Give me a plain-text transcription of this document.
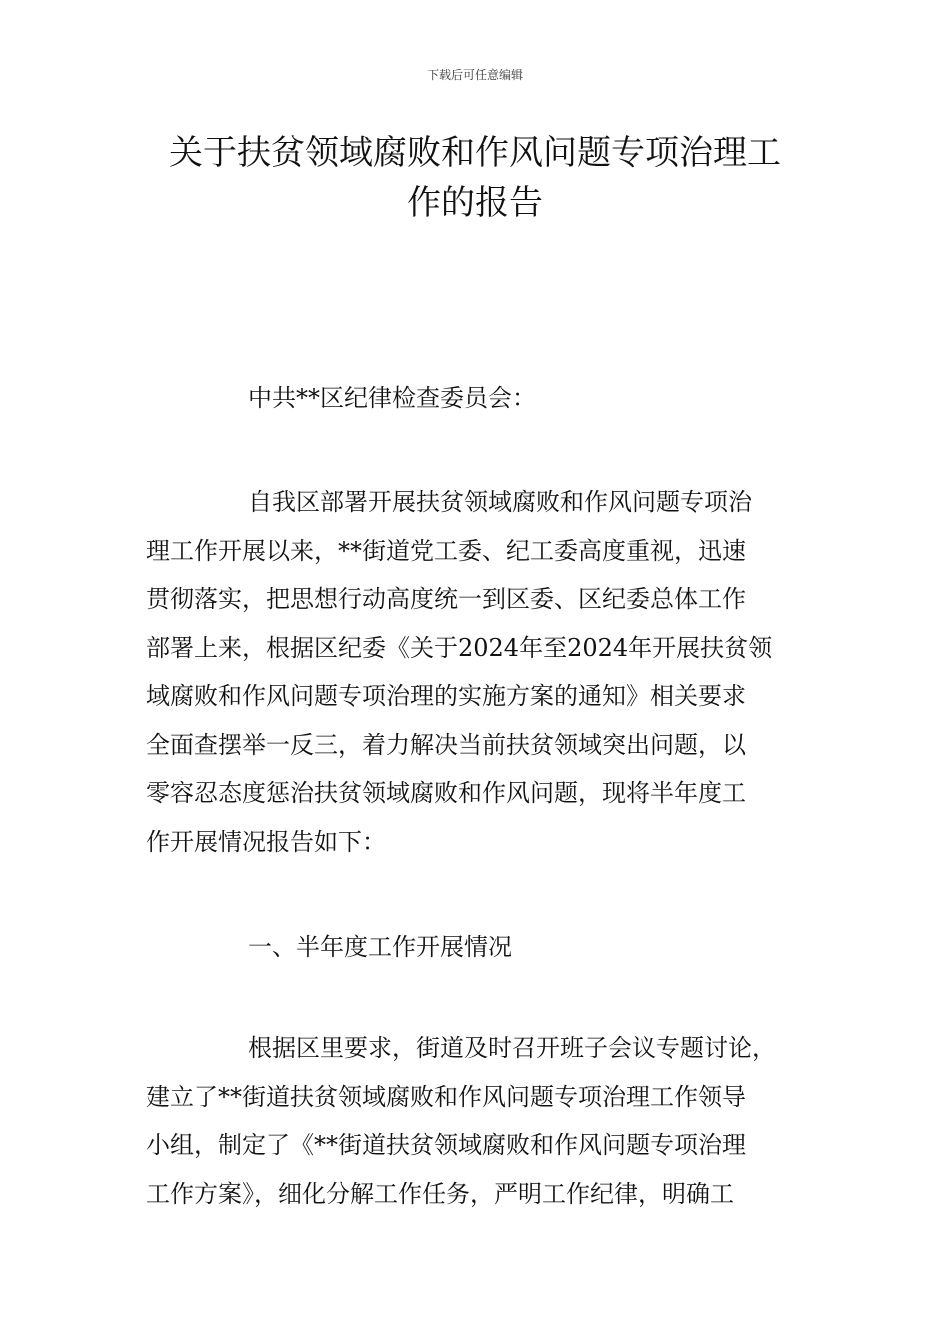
下载后可任意编辑
关于扶贫领域腐败和作风问题专项治理工
作的报告

中共**区纪律检查委员会：

自我区部署开展扶贫领域腐败和作风问题专项治
理工作开展以来，**街道党工委、纪工委高度重视，迅速
贯彻落实，把思想行动高度统一到区委、区纪委总体工作
部署上来，根据区纪委《关于2024年至2024年开展扶贫领
域腐败和作风问题专项治理的实施方案的通知》相关要求
全面查摆举一反三，着力解决当前扶贫领域突出问题，以
零容忍态度惩治扶贫领域腐败和作风问题，现将半年度工
作开展情况报告如下：

一、半年度工作开展情况

根据区里要求，街道及时召开班子会议专题讨论，
建立了**街道扶贫领域腐败和作风问题专项治理工作领导
小组，制定了《**街道扶贫领域腐败和作风问题专项治理
工作方案》，细化分解工作任务，严明工作纪律，明确工
